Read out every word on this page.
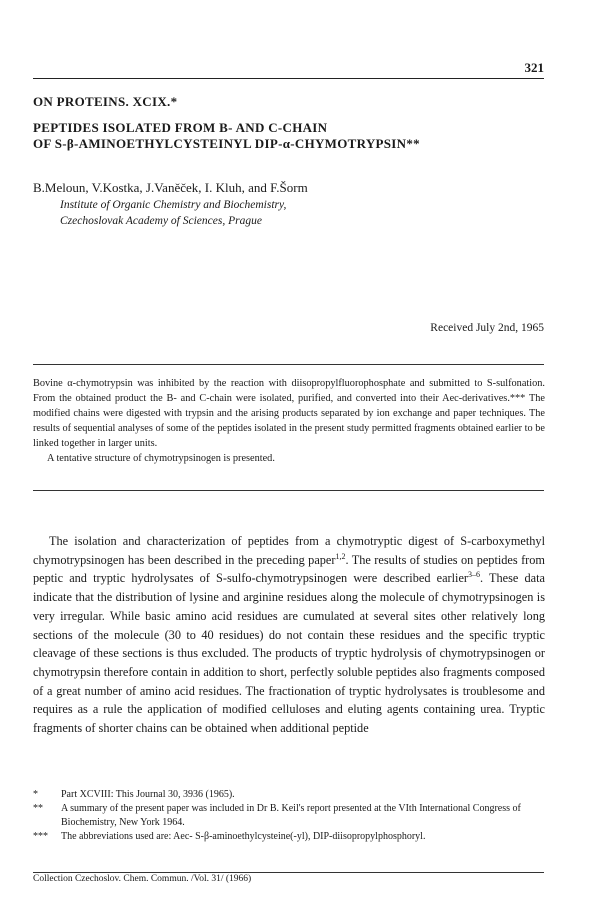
321
ON PROTEINS. XCIX.*
PEPTIDES ISOLATED FROM B- AND C-CHAIN
OF S-β-AMINOETHYLCYSTEINYL DIP-α-CHYMOTRYPSIN**
B.Meloun, V.Kostka, J.Vaněček, I. Kluh, and F.Šorm
Institute of Organic Chemistry and Biochemistry,
Czechoslovak Academy of Sciences, Prague
Received July 2nd, 1965

Bovine α-chymotrypsin was inhibited by the reaction with diisopropylfluorophosphate and submitted to S-sulfonation. From the obtained product the B- and C-chain were isolated, purified, and converted into their Aec-derivatives.*** The modified chains were digested with trypsin and the arising products separated by ion exchange and paper techniques. The results of sequential analyses of some of the peptides isolated in the present study permitted fragments obtained earlier to be linked together in larger units.

A tentative structure of chymotrypsinogen is presented.

The isolation and characterization of peptides from a chymotryptic digest of S-carboxymethyl chymotrypsinogen has been described in the preceding paper$^{1,2}$. The results of studies on peptides from peptic and tryptic hydrolysates of S-sulfo-chymotrypsinogen were described earlier$^{3-6}$. These data indicate that the distribution of lysine and arginine residues along the molecule of chymotrypsinogen is very irregular. While basic amino acid residues are cumulated at several sites other relatively long sections of the molecule (30 to 40 residues) do not contain these residues and the specific tryptic cleavage of these sections is thus excluded. The products of tryptic hydrolysis of chymotrypsinogen or chymotrypsin therefore contain in addition to short, perfectly soluble peptides also fragments composed of a great number of amino acid residues. The fractionation of tryptic hydrolysates is troublesome and requires as a rule the application of modified celluloses and eluting agents containing urea. Tryptic fragments of shorter chains can be obtained when additional peptide

*	Part XCVIII: This Journal 30, 3936 (1965).
**	A summary of the present paper was included in Dr B. Keil's report presented at the VIth International Congress of Biochemistry, New York 1964.
***	The abbreviations used are: Aec- S-β-aminoethylcysteine(-yl), DIP-diisopropylphosphoryl.
Collection Czechoslov. Chem. Commun. /Vol. 31/ (1966)
